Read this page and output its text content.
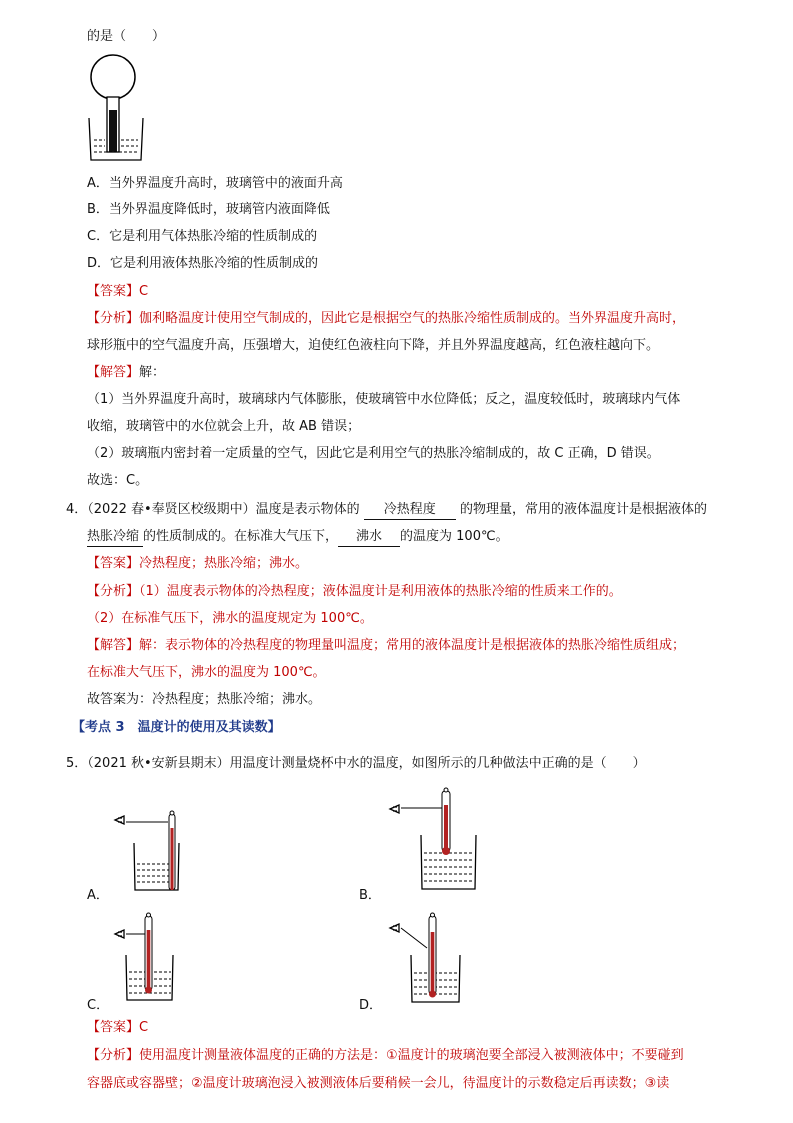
的是（　　）
A．当外界温度升高时，玻璃管中的液面升高
B．当外界温度降低时，玻璃管内液面降低
C．它是利用气体热胀冷缩的性质制成的
D．它是利用液体热胀冷缩的性质制成的
【答案】C
【分析】伽利略温度计使用空气制成的，因此它是根据空气的热胀冷缩性质制成的。当外界温度升高时，
球形瓶中的空气温度升高，压强增大，迫使红色液柱向下降，并且外界温度越高，红色液柱越向下。
【解答】解：
（1）当外界温度升高时，玻璃球内气体膨胀，使玻璃管中水位降低；反之，温度较低时，玻璃球内气体
收缩，玻璃管中的水位就会上升，故 AB 错误；
（2）玻璃瓶内密封着一定质量的空气，因此它是利用空气的热胀冷缩制成的，故 C 正确，D 错误。
故选：C。
4．（2022 春•奉贤区校级期中）温度是表示物体的 冷热程度 的物理量，常用的液体温度计是根据液体的
热胀冷缩 的性质制成的。在标准大气压下， 沸水 的温度为 100℃。
【答案】冷热程度；热胀冷缩；沸水。
【分析】（1）温度表示物体的冷热程度；液体温度计是利用液体的热胀冷缩的性质来工作的。
（2）在标准气压下，沸水的温度规定为 100℃。
【解答】解：表示物体的冷热程度的物理量叫温度；常用的液体温度计是根据液体的热胀冷缩性质组成；
在标准大气压下，沸水的温度为 100℃。
故答案为：冷热程度；热胀冷缩；沸水。
【考点 3　温度计的使用及其读数】
5．（2021 秋•安新县期末）用温度计测量烧杯中水的温度，如图所示的几种做法中正确的是（　　）
A．	B．
C．	D．
【答案】C
【分析】使用温度计测量液体温度的正确的方法是：①温度计的玻璃泡要全部浸入被测液体中；不要碰到
容器底或容器壁；②温度计玻璃泡浸入被测液体后要稍候一会儿，待温度计的示数稳定后再读数；③读
